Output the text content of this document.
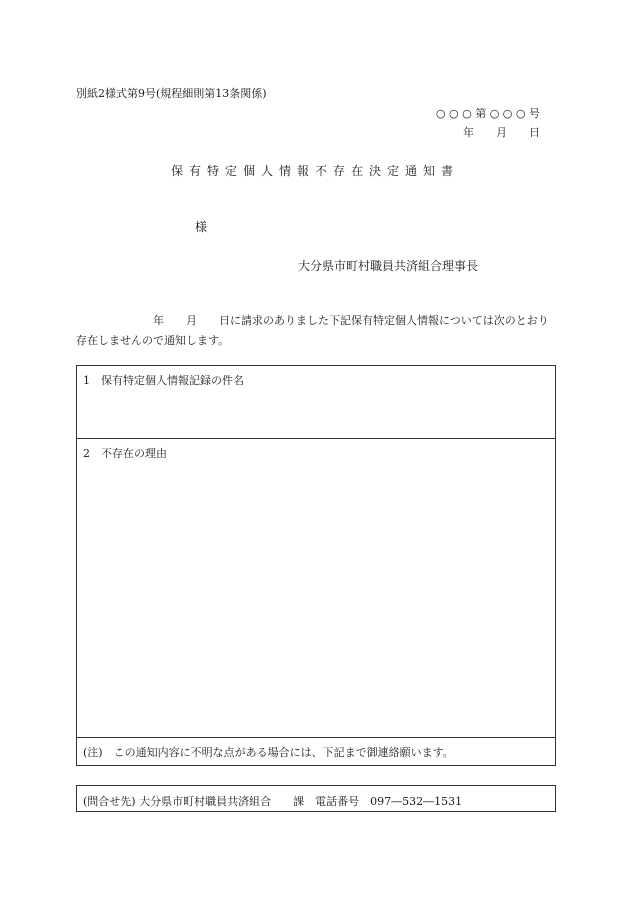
別紙2様式第9号(規程細則第13条関係)
○ ○ ○ 第 ○ ○ ○ 号
年　　月　　日
保有特定個人情報不存在決定通知書
様
大分県市町村職員共済組合理事長
　　　　　　　年　　月　　日に請求のありました下記保有特定個人情報については次のとおり存在しませんので通知します。
1 保有特定個人情報記録の件名
2 不存在の理由
(注)　この通知内容に不明な点がある場合には、下記まで御連絡願います。
(問合せ先) 大分県市町村職員共済組合　　課　電話番号　097―532―1531
